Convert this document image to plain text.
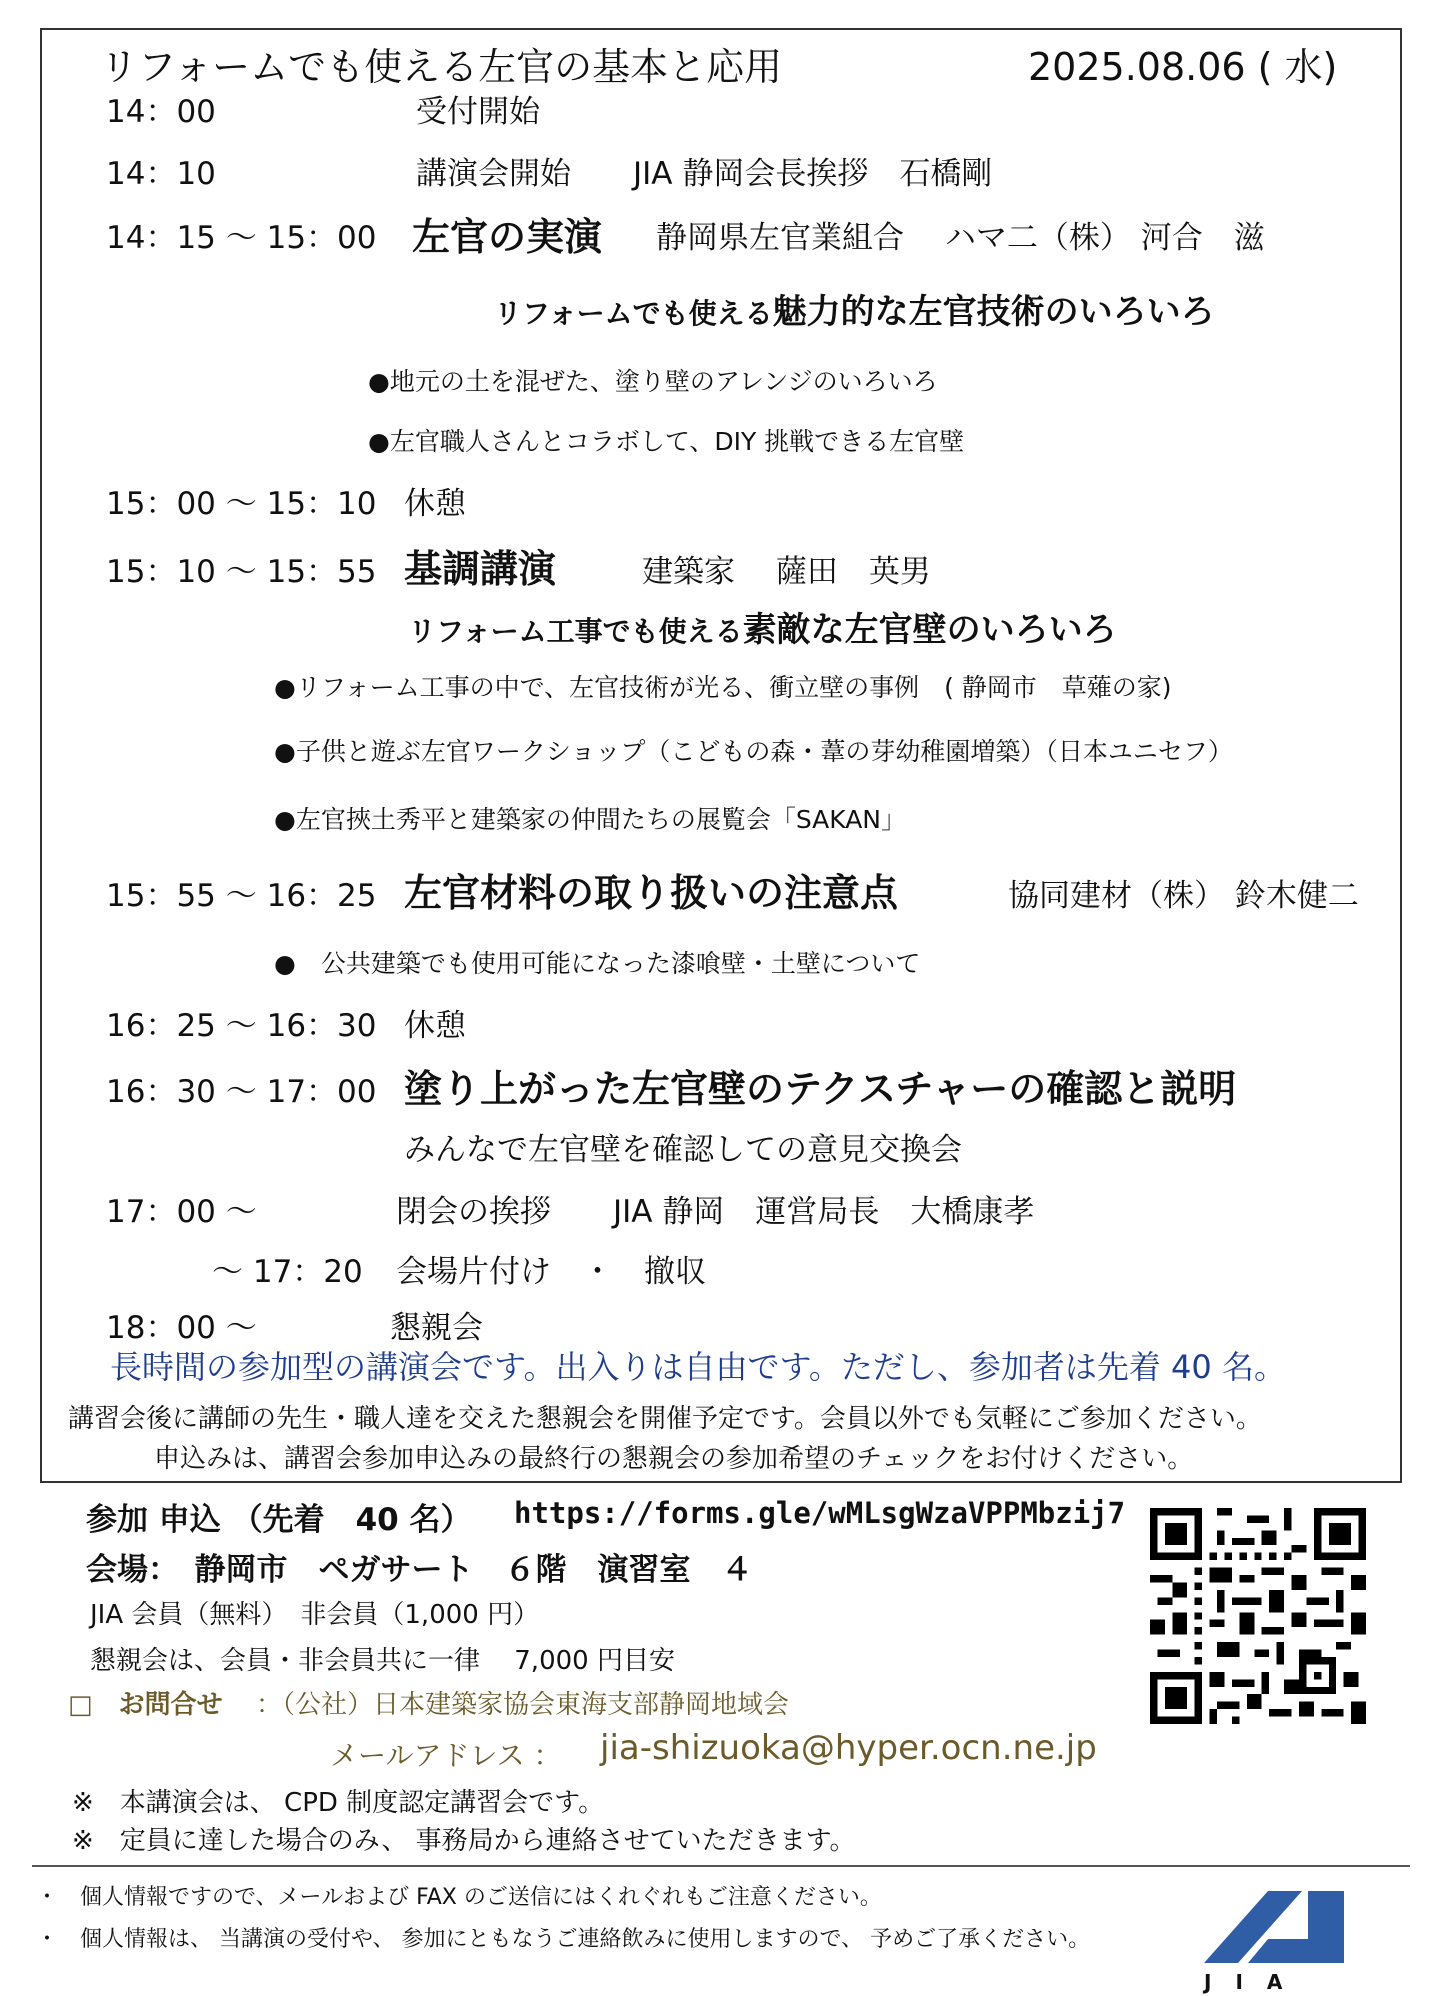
リフォームでも使える左官の基本と応用	2025.08.06 ( 水)
14：00	受付開始
14：10	講演会開始　　JIA 静岡会長挨拶　石橋剛
14：15 ～ 15：00 左官の実演 静岡県左官業組合　 ハマ二（株） 河合　滋
リフォームでも使える魅力的な左官技術のいろいろ
●地元の土を混ぜた、塗り壁のアレンジのいろいろ
●左官職人さんとコラボして、DIY 挑戦できる左官壁
15：00 ～ 15：10 休憩
15：10 ～ 15：55 基調講演	建築家　 薩田　英男
リフォーム工事でも使える素敵な左官壁のいろいろ
●リフォーム工事の中で、左官技術が光る、衝立壁の事例　( 静岡市　草薙の家)
●子供と遊ぶ左官ワークショップ（こどもの森・葦の芽幼稚園増築）（日本ユニセフ）
●左官挾土秀平と建築家の仲間たちの展覧会「SAKAN」
15：55 ～ 16：25 左官材料の取り扱いの注意点	協同建材（株） 鈴木健二
●　公共建築でも使用可能になった漆喰壁・土壁について
16：25 ～ 16：30 休憩
16：30 ～ 17：00 塗り上がった左官壁のテクスチャーの確認と説明
みんなで左官壁を確認しての意見交換会
17：00 ～	閉会の挨拶　　JIA 静岡　運営局長　大橋康孝
～ 17：20 会場片付け　・　撤収
18：00 ～	懇親会
長時間の参加型の講演会です。出入りは自由です。ただし、参加者は先着 40 名。
講習会後に講師の先生・職人達を交えた懇親会を開催予定です。会員以外でも気軽にご参加ください。
申込みは、講習会参加申込みの最終行の懇親会の参加希望のチェックをお付けください。
参加 申込 （先着　40 名） https://forms.gle/wMLsgWzaVPPMbzij7
会場：　静岡市　ペガサート　６階　演習室　４
JIA 会員（無料）　非会員（1,000 円）
懇親会は、会員・非会員共に一律　 7,000 円目安
□　お問合せ ：（公社）日本建築家協会東海支部静岡地域会
メールアドレス ： jia-shizuoka@hyper.ocn.ne.jp
※　本講演会は、 CPD 制度認定講習会です。
※　定員に達した場合のみ、 事務局から連絡させていただきます。
・　個人情報ですので、メールおよび FAX のご送信にはくれぐれもご注意ください。
・　個人情報は、 当講演の受付や、 参加にともなうご連絡飲みに使用しますので、 予めご了承ください。
J　I　A
